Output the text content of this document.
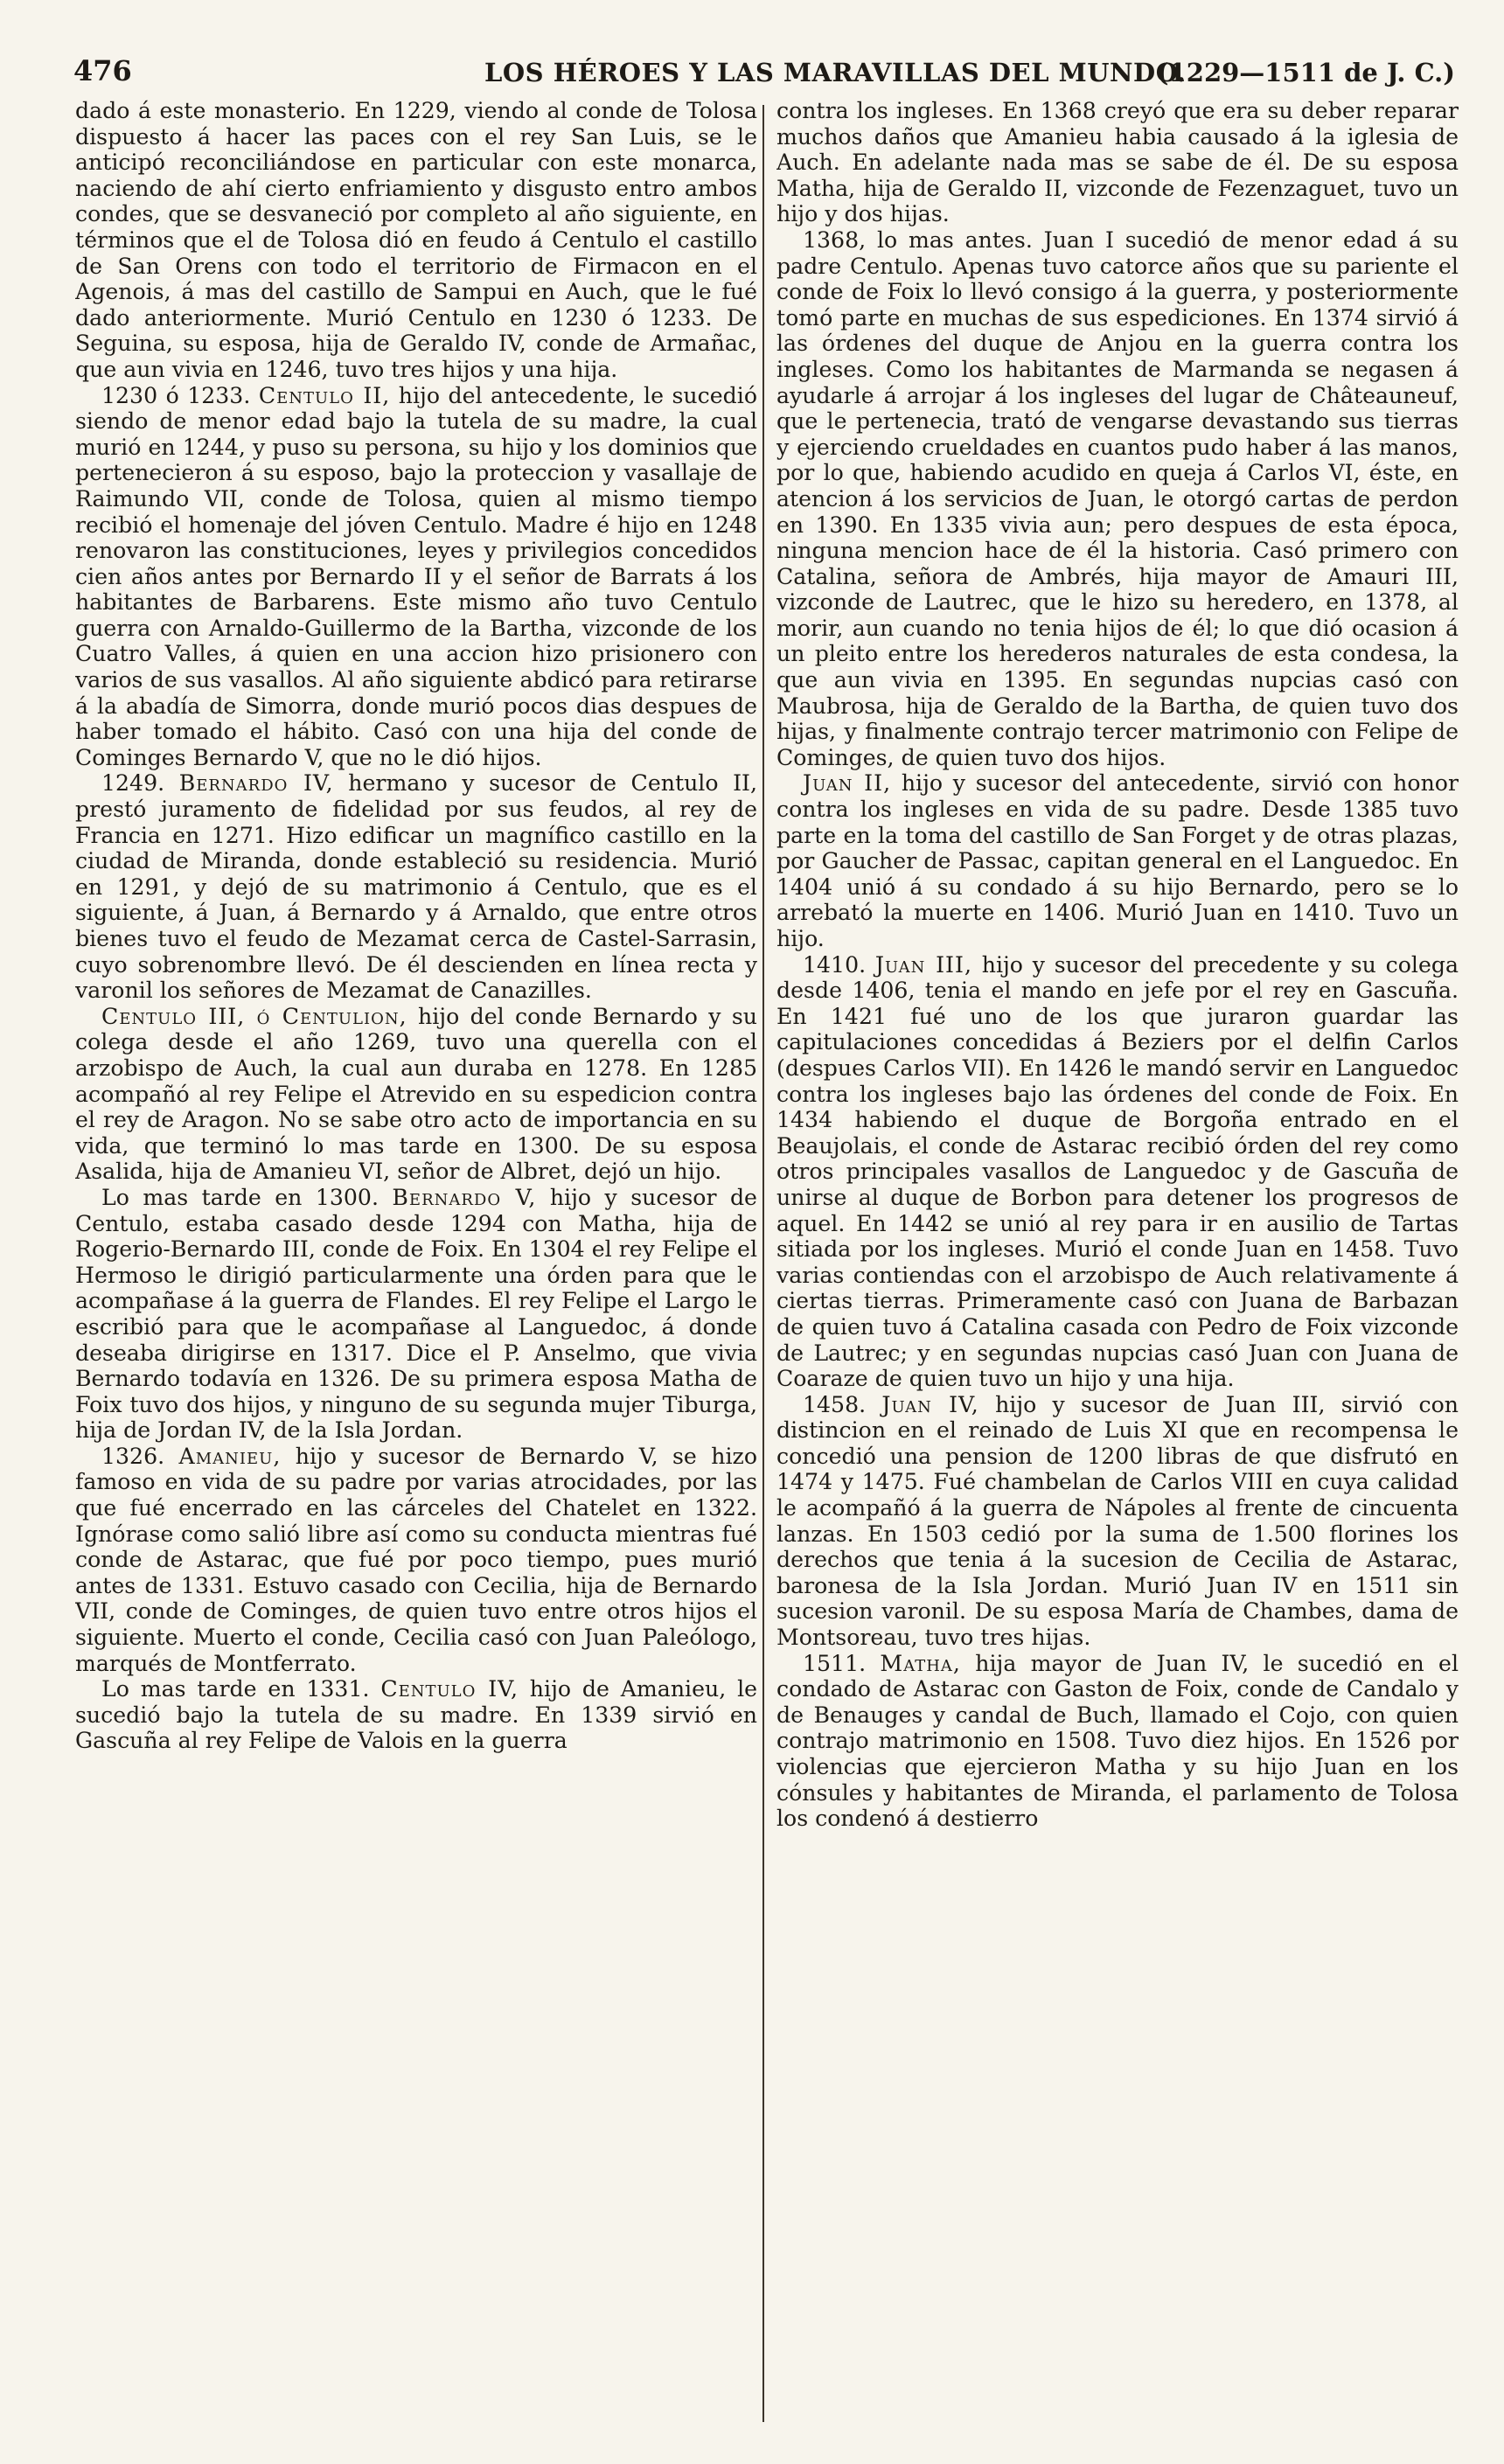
476	LOS HÉROES Y LAS MARAVILLAS DEL MUNDO.
(1229—1511 de J. C.)

dado á este monasterio. En 1229, viendo al conde de Tolosa dispuesto á hacer las paces con el rey San Luis, se le anticipó reconciliándose en particular con este monarca, naciendo de ahí cierto enfriamiento y disgusto entro ambos condes, que se desvaneció por completo al año siguiente, en términos que el de Tolosa dió en feudo á Centulo el castillo de San Orens con todo el territorio de Firmacon en el Agenois, á mas del castillo de Sampui en Auch, que le fué dado anteriormente. Murió Centulo en 1230 ó 1233. De Seguina, su esposa, hija de Geraldo IV, conde de Armañac, que aun vivia en 1246, tuvo tres hijos y una hija.

1230 ó 1233. Centulo II, hijo del antecedente, le sucedió siendo de menor edad bajo la tutela de su madre, la cual murió en 1244, y puso su persona, su hijo y los dominios que pertenecieron á su esposo, bajo la proteccion y vasallaje de Raimundo VII, conde de Tolosa, quien al mismo tiempo recibió el homenaje del jóven Centulo. Madre é hijo en 1248 renovaron las constituciones, leyes y privilegios concedidos cien años antes por Bernardo II y el señor de Barrats á los habitantes de Barbarens. Este mismo año tuvo Centulo guerra con Arnaldo-Guillermo de la Bartha, vizconde de los Cuatro Valles, á quien en una accion hizo prisionero con varios de sus vasallos. Al año siguiente abdicó para retirarse á la abadía de Simorra, donde murió pocos dias despues de haber tomado el hábito. Casó con una hija del conde de Cominges Bernardo V, que no le dió hijos.

1249. Bernardo IV, hermano y sucesor de Centulo II, prestó juramento de fidelidad por sus feudos, al rey de Francia en 1271. Hizo edificar un magnífico castillo en la ciudad de Miranda, donde estableció su residencia. Murió en 1291, y dejó de su matrimonio á Centulo, que es el siguiente, á Juan, á Bernardo y á Arnaldo, que entre otros bienes tuvo el feudo de Mezamat cerca de Castel-Sarrasin, cuyo sobrenombre llevó. De él descienden en línea recta y varonil los señores de Mezamat de Canazilles.

Centulo III, ó Centulion, hijo del conde Bernardo y su colega desde el año 1269, tuvo una querella con el arzobispo de Auch, la cual aun duraba en 1278. En 1285 acompañó al rey Felipe el Atrevido en su espedicion contra el rey de Aragon. No se sabe otro acto de importancia en su vida, que terminó lo mas tarde en 1300. De su esposa Asalida, hija de Amanieu VI, señor de Albret, dejó un hijo.

Lo mas tarde en 1300. Bernardo V, hijo y sucesor de Centulo, estaba casado desde 1294 con Matha, hija de Rogerio-Bernardo III, conde de Foix. En 1304 el rey Felipe el Hermoso le dirigió particularmente una órden para que le acompañase á la guerra de Flandes. El rey Felipe el Largo le escribió para que le acompañase al Languedoc, á donde deseaba dirigirse en 1317. Dice el P. Anselmo, que vivia Bernardo todavía en 1326. De su primera esposa Matha de Foix tuvo dos hijos, y ninguno de su segunda mujer Tiburga, hija de Jordan IV, de la Isla Jordan.

1326. Amanieu, hijo y sucesor de Bernardo V, se hizo famoso en vida de su padre por varias atrocidades, por las que fué encerrado en las cárceles del Chatelet en 1322. Ignórase como salió libre así como su conducta mientras fué conde de Astarac, que fué por poco tiempo, pues murió antes de 1331. Estuvo casado con Cecilia, hija de Bernardo VII, conde de Cominges, de quien tuvo entre otros hijos el siguiente. Muerto el conde, Cecilia casó con Juan Paleólogo, marqués de Montferrato.

Lo mas tarde en 1331. Centulo IV, hijo de Amanieu, le sucedió bajo la tutela de su madre. En 1339 sirvió en Gascuña al rey Felipe de Valois en la guerra

contra los ingleses. En 1368 creyó que era su deber reparar muchos daños que Amanieu habia causado á la iglesia de Auch. En adelante nada mas se sabe de él. De su esposa Matha, hija de Geraldo II, vizconde de Fezenzaguet, tuvo un hijo y dos hijas.

1368, lo mas antes. Juan I sucedió de menor edad á su padre Centulo. Apenas tuvo catorce años que su pariente el conde de Foix lo llevó consigo á la guerra, y posteriormente tomó parte en muchas de sus espediciones. En 1374 sirvió á las órdenes del duque de Anjou en la guerra contra los ingleses. Como los habitantes de Marmanda se negasen á ayudarle á arrojar á los ingleses del lugar de Châteauneuf, que le pertenecia, trató de vengarse devastando sus tierras y ejerciendo crueldades en cuantos pudo haber á las manos, por lo que, habiendo acudido en queja á Carlos VI, éste, en atencion á los servicios de Juan, le otorgó cartas de perdon en 1390. En 1335 vivia aun; pero despues de esta época, ninguna mencion hace de él la historia. Casó primero con Catalina, señora de Ambrés, hija mayor de Amauri III, vizconde de Lautrec, que le hizo su heredero, en 1378, al morir, aun cuando no tenia hijos de él; lo que dió ocasion á un pleito entre los herederos naturales de esta condesa, la que aun vivia en 1395. En segundas nupcias casó con Maubrosa, hija de Geraldo de la Bartha, de quien tuvo dos hijas, y finalmente contrajo tercer matrimonio con Felipe de Cominges, de quien tuvo dos hijos.

Juan II, hijo y sucesor del antecedente, sirvió con honor contra los ingleses en vida de su padre. Desde 1385 tuvo parte en la toma del castillo de San Forget y de otras plazas, por Gaucher de Passac, capitan general en el Languedoc. En 1404 unió á su condado á su hijo Bernardo, pero se lo arrebató la muerte en 1406. Murió Juan en 1410. Tuvo un hijo.

1410. Juan III, hijo y sucesor del precedente y su colega desde 1406, tenia el mando en jefe por el rey en Gascuña. En 1421 fué uno de los que juraron guardar las capitulaciones concedidas á Beziers por el delfin Carlos (despues Carlos VII). En 1426 le mandó servir en Languedoc contra los ingleses bajo las órdenes del conde de Foix. En 1434 habiendo el duque de Borgoña entrado en el Beaujolais, el conde de Astarac recibió órden del rey como otros principales vasallos de Languedoc y de Gascuña de unirse al duque de Borbon para detener los progresos de aquel. En 1442 se unió al rey para ir en ausilio de Tartas sitiada por los ingleses. Murió el conde Juan en 1458. Tuvo varias contiendas con el arzobispo de Auch relativamente á ciertas tierras. Primeramente casó con Juana de Barbazan de quien tuvo á Catalina casada con Pedro de Foix vizconde de Lautrec; y en segundas nupcias casó Juan con Juana de Coaraze de quien tuvo un hijo y una hija.

1458. Juan IV, hijo y sucesor de Juan III, sirvió con distincion en el reinado de Luis XI que en recompensa le concedió una pension de 1200 libras de que disfrutó en 1474 y 1475. Fué chambelan de Carlos VIII en cuya calidad le acompañó á la guerra de Nápoles al frente de cincuenta lanzas. En 1503 cedió por la suma de 1.500 florines los derechos que tenia á la sucesion de Cecilia de Astarac, baronesa de la Isla Jordan. Murió Juan IV en 1511 sin sucesion varonil. De su esposa María de Chambes, dama de Montsoreau, tuvo tres hijas.

1511. Matha, hija mayor de Juan IV, le sucedió en el condado de Astarac con Gaston de Foix, conde de Candalo y de Benauges y candal de Buch, llamado el Cojo, con quien contrajo matrimonio en 1508. Tuvo diez hijos. En 1526 por violencias que ejercieron Matha y su hijo Juan en los cónsules y habitantes de Miranda, el parlamento de Tolosa los condenó á destierro
